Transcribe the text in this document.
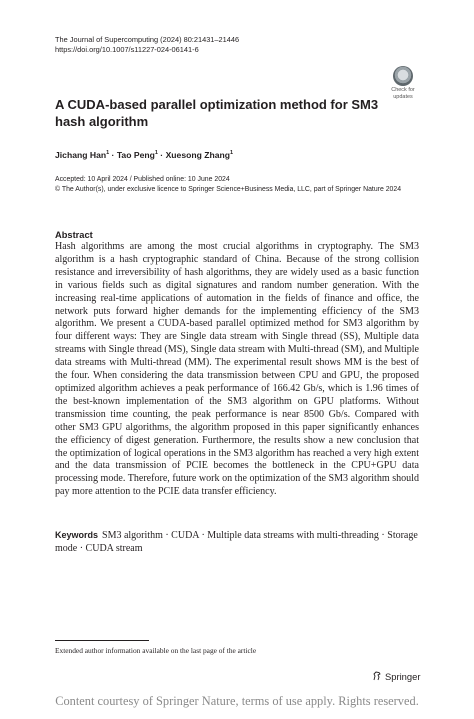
The Journal of Supercomputing (2024) 80:21431–21446
https://doi.org/10.1007/s11227-024-06141-6
Check for
updates
A CUDA-based parallel optimization method for SM3 hash algorithm
Jichang Han$^1$ · Tao Peng$^1$ · Xuesong Zhang$^1$
Accepted: 10 April 2024 / Published online: 10 June 2024
© The Author(s), under exclusive licence to Springer Science+Business Media, LLC, part of Springer Nature 2024
Abstract
Hash algorithms are among the most crucial algorithms in cryptography. The SM3 algorithm is a hash cryptographic standard of China. Because of the strong collision resistance and irreversibility of hash algorithms, they are widely used as a basic function in various fields such as digital signatures and random number generation. With the increasing real-time applications of automation in the fields of finance and office, the network puts forward higher demands for the implementing efficiency of the SM3 algorithm. We present a CUDA-based parallel optimized method for SM3 algorithm by four different ways: They are Single data stream with Single thread (SS), Multiple data streams with Single thread (MS), Single data stream with Multi-thread (SM), and Multiple data streams with Multi-thread (MM). The experimental result shows MM is the best of the four. When considering the data transmission between CPU and GPU, the proposed optimized algorithm achieves a peak performance of 166.42 Gb/s, which is 1.96 times of the best-known implementation of the SM3 algorithm on GPU platforms. Without transmission time counting, the peak performance is near 8500 Gb/s. Compared with other SM3 GPU algorithms, the algorithm proposed in this paper significantly enhances the efficiency of digest generation. Furthermore, the results show a new conclusion that the optimization of logical operations in the SM3 algorithm has reached a very high extent and the data transmission of PCIE becomes the bottleneck in the CPU+GPU data processing mode. Therefore, future work on the optimization of the SM3 algorithm should pay more attention to the PCIE data transfer efficiency.
Keywords SM3 algorithm · CUDA · Multiple data streams with multi-threading · Storage mode · CUDA stream
Extended author information available on the last page of the article
Springer
Content courtesy of Springer Nature, terms of use apply. Rights reserved.
